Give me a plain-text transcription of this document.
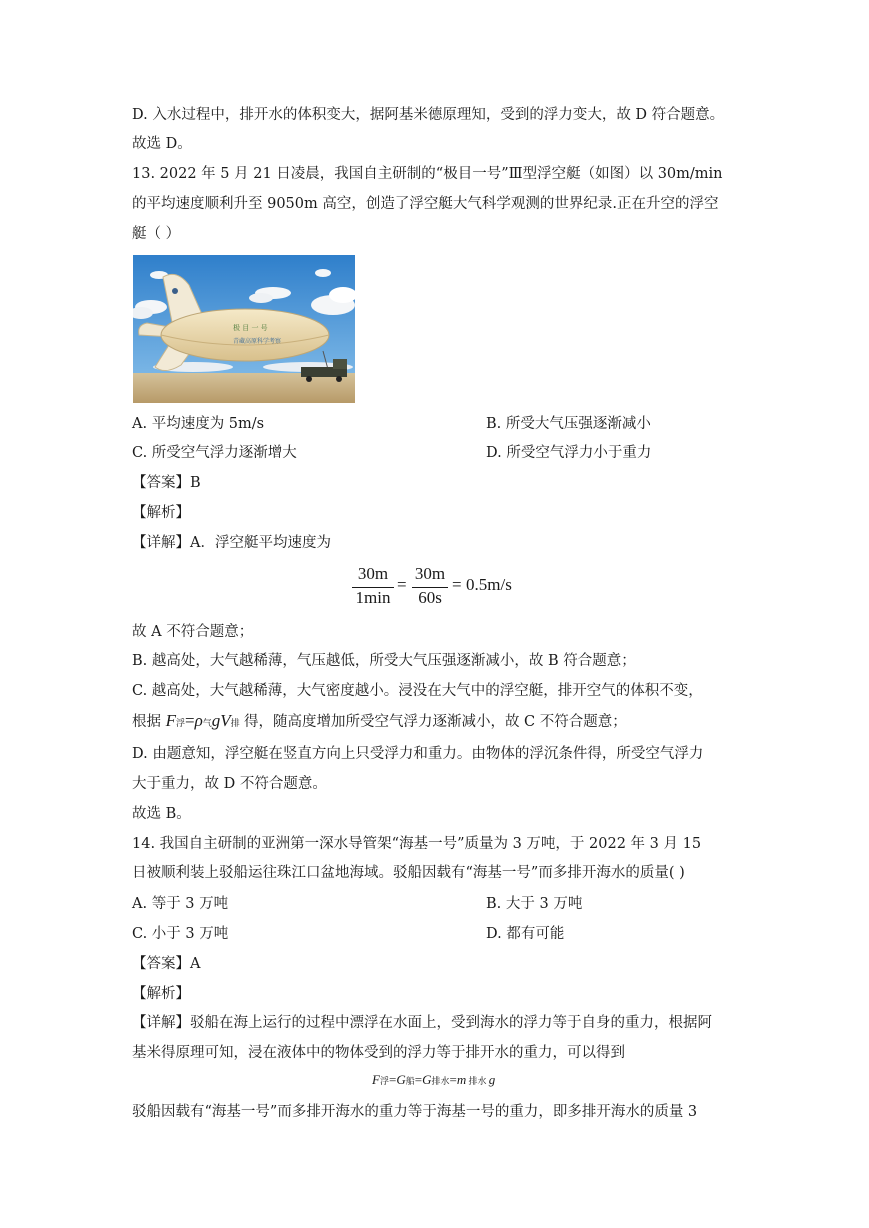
D. 入水过程中，排开水的体积变大，据阿基米德原理知，受到的浮力变大，故 D 符合题意。
故选 D。
13. 2022 年 5 月 21 日凌晨，我国自主研制的“极目一号”Ⅲ型浮空艇（如图）以 30m/min
的平均速度顺利升至 9050m 高空，创造了浮空艇大气科学观测的世界纪录.正在升空的浮空
艇（ ）
极 目 一 号
青藏高原科学考察
A. 平均速度为 5m/s	B. 所受大气压强逐渐减小
C. 所受空气浮力逐渐增大	D. 所受空气浮力小于重力
【答案】B
【解析】
【详解】A．浮空艇平均速度为
30m
1min
=
30m
60s
= 0.5m/s
故 A 不符合题意；
B. 越高处，大气越稀薄，气压越低，所受大气压强逐渐减小，故 B 符合题意；
C. 越高处，大气越稀薄，大气密度越小。浸没在大气中的浮空艇，排开空气的体积不变，
根据 F浮=ρ气gV排 得，随高度增加所受空气浮力逐渐减小，故 C 不符合题意；
D. 由题意知，浮空艇在竖直方向上只受浮力和重力。由物体的浮沉条件得，所受空气浮力
大于重力，故 D 不符合题意。
故选 B。
14. 我国自主研制的亚洲第一深水导管架“海基一号”质量为 3 万吨，于 2022 年 3 月 15
日被顺利装上驳船运往珠江口盆地海域。驳船因载有“海基一号”而多排开海水的质量( )
A. 等于 3 万吨	B. 大于 3 万吨
C. 小于 3 万吨	D. 都有可能
【答案】A
【解析】
【详解】驳船在海上运行的过程中漂浮在水面上，受到海水的浮力等于自身的重力，根据阿
基米得原理可知，浸在液体中的物体受到的浮力等于排开水的重力，可以得到
F浮=G船=G排水=m 排水 g
驳船因载有“海基一号”而多排开海水的重力等于海基一号的重力，即多排开海水的质量 3
